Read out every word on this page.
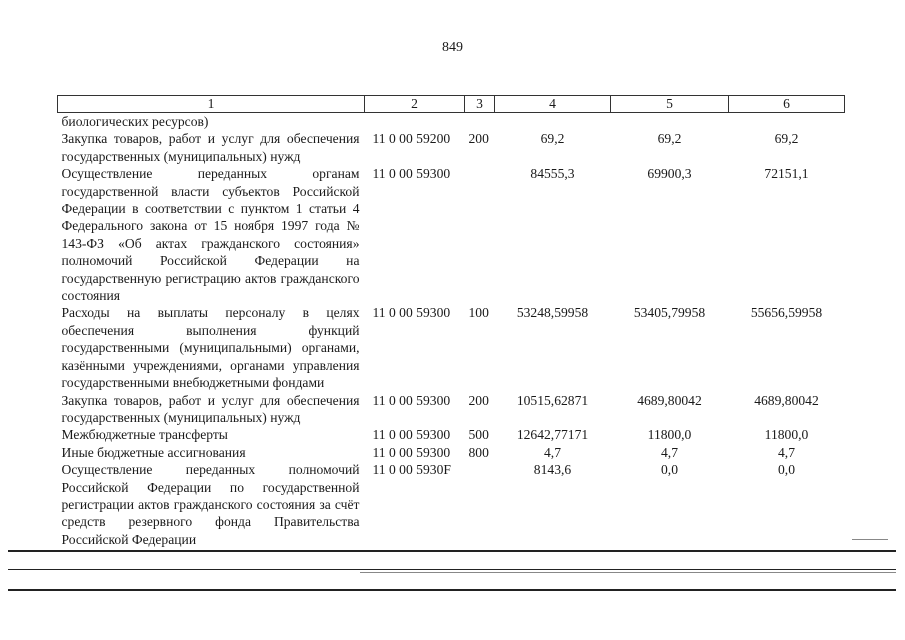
849
1	2	3	4	5	6
биологических ресурсов)					
Закупка товаров, работ и услуг для обеспечения государственных (муниципальных) нужд	11 0 00 59200	200	69,2	69,2	69,2
Осуществление переданных органам государственной власти субъектов Российской Федерации в соответствии с пунктом 1 статьи 4 Федерального закона от 15 ноября 1997 года № 143-ФЗ «Об актах гражданского состояния» полномочий Российской Федерации на государственную регистрацию актов гражданского состояния	11 0 00 59300		84555,3	69900,3	72151,1
Расходы на выплаты персоналу в целях обеспечения выполнения функций государственными (муниципальными) органами, казёнными учреждениями, органами управления государственными внебюджетными фондами	11 0 00 59300	100	53248,59958	53405,79958	55656,59958
Закупка товаров, работ и услуг для обеспечения государственных (муниципальных) нужд	11 0 00 59300	200	10515,62871	4689,80042	4689,80042
Межбюджетные трансферты	11 0 00 59300	500	12642,77171	11800,0	11800,0
Иные бюджетные ассигнования	11 0 00 59300	800	4,7	4,7	4,7
Осуществление переданных полномочий Российской Федерации по государственной регистрации актов гражданского состояния за счёт средств резервного фонда Правительства Российской Федерации	11 0 00 5930F		8143,6	0,0	0,0
